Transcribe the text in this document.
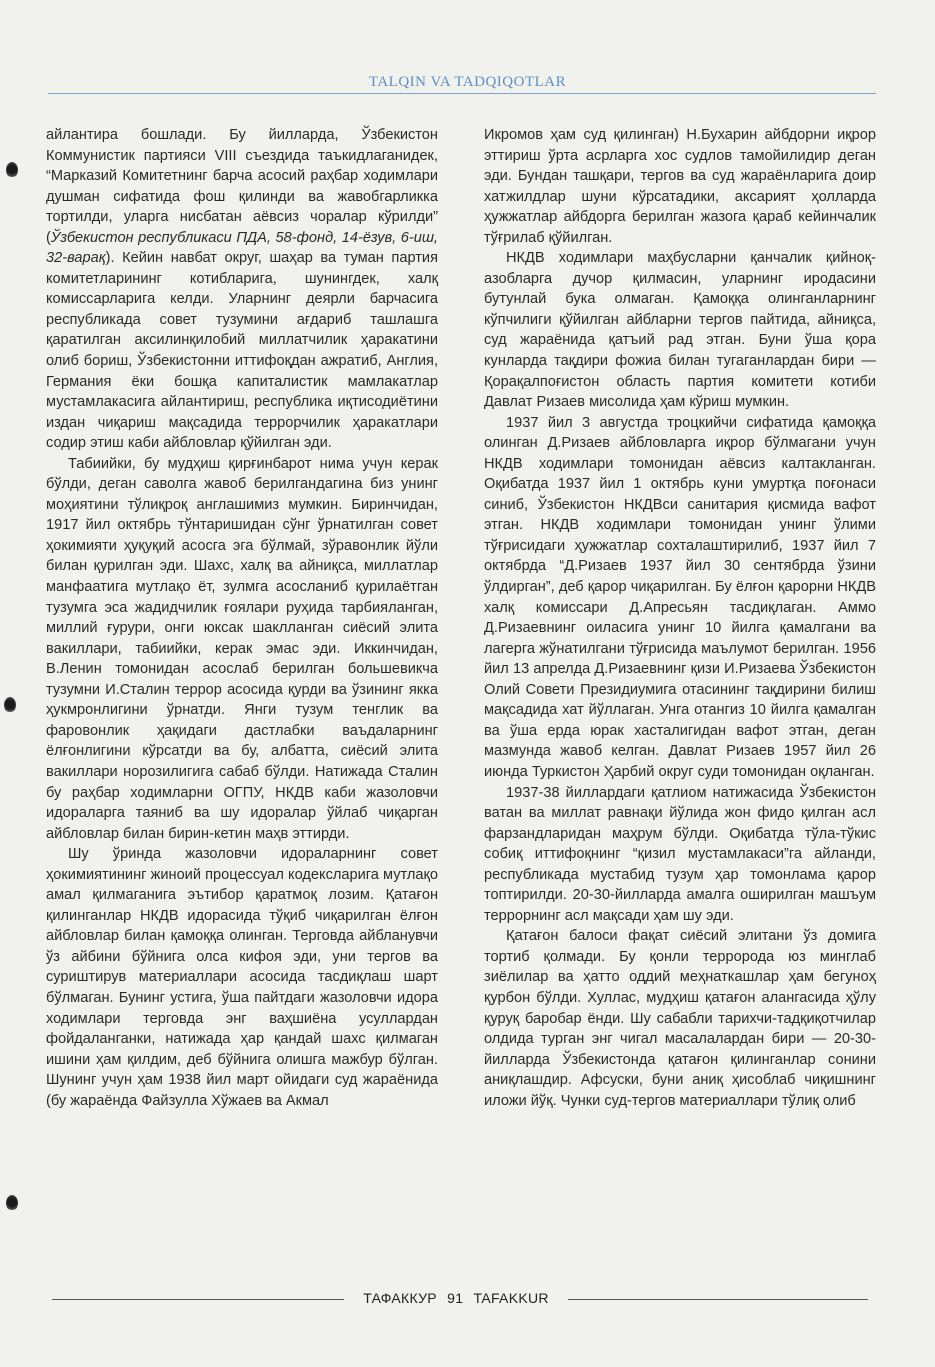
TALQIN VA TADQIQOTLAR

айлантира бошлади. Бу йилларда, Ўзбекистон Коммунистик партияси VIII съездида таъкидлаганидек, “Марказий Комитетнинг барча асосий раҳбар ходимлари душман сифатида фош қилинди ва жавобгарликка тортилди, уларга нисбатан аёвсиз чоралар кўрилди” (Ўзбекистон республикаси ПДА, 58-фонд, 14-ёзув, 6-иш, 32-варақ). Кейин навбат округ, шаҳар ва туман партия комитетларининг котибларига, шунингдек, халқ комиссарларига келди. Уларнинг деярли барчасига республикада совет тузумини ағдариб ташлашга қаратилган аксилинқилобий миллатчилик ҳаракатини олиб бориш, Ўзбекистонни иттифоқдан ажратиб, Англия, Германия ёки бошқа капиталистик мамлакатлар мустамлакасига айлантириш, республика иқтисодиётини издан чиқариш мақсадида террорчилик ҳаракатлари содир этиш каби айбловлар қўйилган эди.

Табиийки, бу мудҳиш қирғинбарот нима учун керак бўлди, деган саволга жавоб берилгандагина биз унинг моҳиятини тўлиқроқ англашимиз мумкин. Биринчидан, 1917 йил октябрь тўнтаришидан сўнг ўрнатилган совет ҳокимияти ҳуқуқий асосга эга бўлмай, зўравонлик йўли билан қурилган эди. Шахс, халқ ва айниқса, миллатлар манфаатига мутлақо ёт, зулмга асосланиб қурилаётган тузумга эса жадидчилик ғоялари руҳида тарбияланган, миллий ғурури, онги юксак шаклланган сиёсий элита вакиллари, табиийки, керак эмас эди. Иккинчидан, В.Ленин томонидан асослаб берилган большевикча тузумни И.Сталин террор асосида қурди ва ўзининг якка ҳукмронлигини ўрнатди. Янги тузум тенглик ва фаровонлик ҳақидаги дастлабки ваъдаларнинг ёлғонлигини кўрсатди ва бу, албатта, сиёсий элита вакиллари норозилигига сабаб бўлди. Натижада Сталин бу раҳбар ходимларни ОГПУ, НКДВ каби жазоловчи идораларга таяниб ва шу идоралар ўйлаб чиқарган айбловлар билан бирин-кетин маҳв эттирди.

Шу ўринда жазоловчи идораларнинг совет ҳокимиятининг жиноий процессуал кодексларига мутлақо амал қилмаганига эътибор қаратмоқ лозим. Қатағон қилинганлар НКДВ идорасида тўқиб чиқарилган ёлғон айбловлар билан қамоққа олинган. Терговда айбланувчи ўз айбини бўйнига олса кифоя эди, уни тергов ва суриштирув материаллари асосида тасдиқлаш шарт бўлмаган. Бунинг устига, ўша пайтдаги жазоловчи идора ходимлари терговда энг ваҳшиёна усуллардан фойдаланганки, натижада ҳар қандай шахс қилмаган ишини ҳам қилдим, деб бўйнига олишга мажбур бўлган. Шунинг учун ҳам 1938 йил март ойидаги суд жараёнида (бу жараёнда Файзулла Хўжаев ва Акмал

Икромов ҳам суд қилинган) Н.Бухарин айбдорни иқрор эттириш ўрта асрларга хос судлов тамойилидир деган эди. Бундан ташқари, тергов ва суд жараёнларига доир хатжилдлар шуни кўрсатадики, аксарият ҳолларда ҳужжатлар айбдорга берилган жазога қараб кейинчалик тўғрилаб қўйилган.

НКДВ ходимлари маҳбусларни қанчалик қийноқ-азобларга дучор қилмасин, уларнинг иродасини бутунлай бука олмаган. Қамоққа олинганларнинг кўпчилиги қўйилган айбларни тергов пайтида, айниқса, суд жараёнида қатъий рад этган. Буни ўша қора кунларда тақдири фожиа билан тугаганлардан бири — Қорақалпоғистон область партия комитети котиби Давлат Ризаев мисолида ҳам кўриш мумкин.

1937 йил 3 августда троцкийчи сифатида қамоққа олинган Д.Ризаев айбловларга иқрор бўлмагани учун НКДВ ходимлари томонидан аёвсиз калтакланган. Оқибатда 1937 йил 1 октябрь куни умуртқа поғонаси синиб, Ўзбекистон НКДВси санитария қисмида вафот этган. НКДВ ходимлари томонидан унинг ўлими тўғрисидаги ҳужжатлар сохталаштирилиб, 1937 йил 7 октябрда “Д.Ризаев 1937 йил 30 сентябрда ўзини ўлдирган”, деб қарор чиқарилган. Бу ёлғон қарорни НКДВ халқ комиссари Д.Апресьян тасдиқлаган. Аммо Д.Ризаевнинг оиласига унинг 10 йилга қамалгани ва лагерга жўнатилгани тўғрисида маълумот берилган. 1956 йил 13 апрелда Д.Ризаевнинг қизи И.Ризаева Ўзбекистон Олий Совети Президиумига отасининг тақдирини билиш мақсадида хат йўллаган. Унга отангиз 10 йилга қамалган ва ўша ерда юрак хасталигидан вафот этган, деган мазмунда жавоб келган. Давлат Ризаев 1957 йил 26 июнда Туркистон Ҳарбий округ суди томонидан оқланган.

1937-38 йиллардаги қатлиом натижасида Ўзбекистон ватан ва миллат равнақи йўлида жон фидо қилган асл фарзандларидан маҳрум бўлди. Оқибатда тўла-тўкис собиқ иттифоқнинг “қизил мустамлакаси”га айланди, республикада мустабид тузум ҳар томонлама қарор топтирилди. 20-30-йилларда амалга оширилган машъум террорнинг асл мақсади ҳам шу эди.

Қатағон балоси фақат сиёсий элитани ўз домига тортиб қолмади. Бу қонли терророда юз минглаб зиёлилар ва ҳатто оддий меҳнаткашлар ҳам бегуноҳ қурбон бўлди. Хуллас, мудҳиш қатағон алангасида ҳўлу қуруқ баробар ёнди. Шу сабабли тарихчи-тадқиқотчилар олдида турган энг чигал масалалардан бири — 20-30-йилларда Ўзбекистонда қатағон қилинганлар сонини аниқлашдир. Афсуски, буни аниқ ҳисоблаб чиқишнинг иложи йўқ. Чунки суд-тергов материаллари тўлиқ олиб

ТАФАККУР 91 TAFAKKUR
